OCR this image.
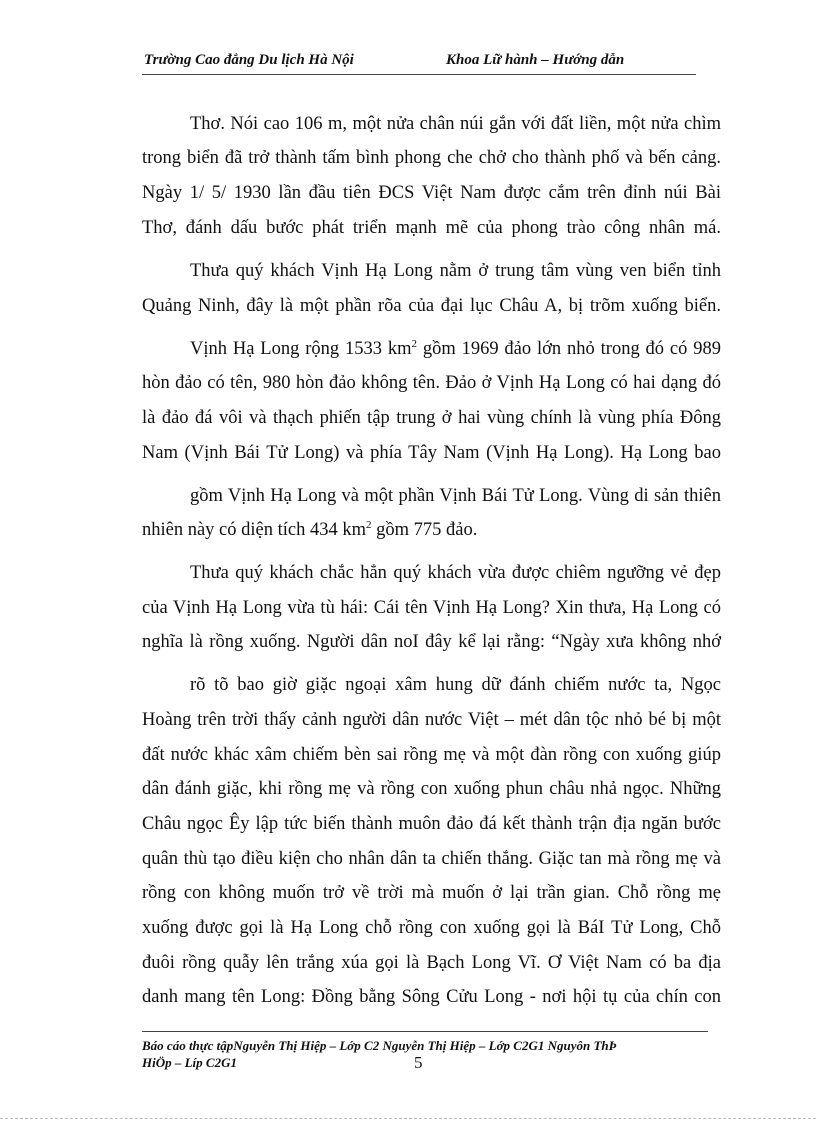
Trường Cao đẳng Du lịch Hà Nội	Khoa Lữ hành – Hướng dẫn
Thơ. Nói cao 106 m, một nửa chân núi gắn với đất liền, một nửa chìm
trong biển đã trở thành tấm bình phong che chở cho thành phố và bến cảng.
Ngày 1/ 5/ 1930 lần đầu tiên ĐCS Việt Nam được cắm trên đỉnh núi Bài
Thơ, đánh dấu bước phát triển mạnh mẽ của phong trào công nhân má.
Thưa quý khách Vịnh Hạ Long nằm ở trung tâm vùng ven biển tỉnh
Quảng Ninh, đây là một phần rõa của đại lục Châu A, bị trõm xuống biển.
Vịnh Hạ Long rộng 1533 $km^2$ gồm 1969 đảo lớn nhỏ trong đó có 989
hòn đảo có tên, 980 hòn đảo không tên. Đảo ở Vịnh Hạ Long có hai dạng đó
là đảo đá vôi và thạch phiến tập trung ở hai vùng chính là vùng phía Đông
Nam (Vịnh Bái Tử Long) và phía Tây Nam (Vịnh Hạ Long). Hạ Long bao
gồm Vịnh Hạ Long và một phần Vịnh Bái Tử Long. Vùng di sản thiên
nhiên này có diện tích 434 $km^2$ gồm 775 đảo.
Thưa quý khách chắc hẳn quý khách vừa được chiêm ngưỡng vẻ đẹp
của Vịnh Hạ Long vừa tù hái: Cái tên Vịnh Hạ Long? Xin thưa, Hạ Long có
nghĩa là rồng xuống. Người dân noI đây kể lại rằng: “Ngày xưa không nhớ
rõ tõ bao giờ giặc ngoại xâm hung dữ đánh chiếm nước ta, Ngọc
Hoàng trên trời thấy cảnh người dân nước Việt – mét dân tộc nhỏ bé bị một
đất nước khác xâm chiếm bèn sai rồng mẹ và một đàn rồng con xuống giúp
dân đánh giặc, khi rồng mẹ và rồng con xuống phun châu nhả ngọc. Những
Châu ngọc Êy lập tức biến thành muôn đảo đá kết thành trận địa ngăn bước
quân thù tạo điều kiện cho nhân dân ta chiến thắng. Giặc tan mà rồng mẹ và
rồng con không muốn trở về trời mà muốn ở lại trần gian. Chỗ rồng mẹ
xuống được gọi là Hạ Long chỗ rồng con xuống gọi là BáI Tử Long, Chỗ
đuôi rồng quẫy lên trắng xúa gọi là Bạch Long Vĩ. Ơ Việt Nam có ba địa
danh mang tên Long: Đồng bằng Sông Cửu Long - nơi hội tụ của chín con
Báo cáo thực tậpNguyễn Thị Hiệp – Lớp C2 Nguyễn Thị Hiệp – Lớp C2G1 Nguyôn ThÞ
HiÖp – Líp C2G1	5
